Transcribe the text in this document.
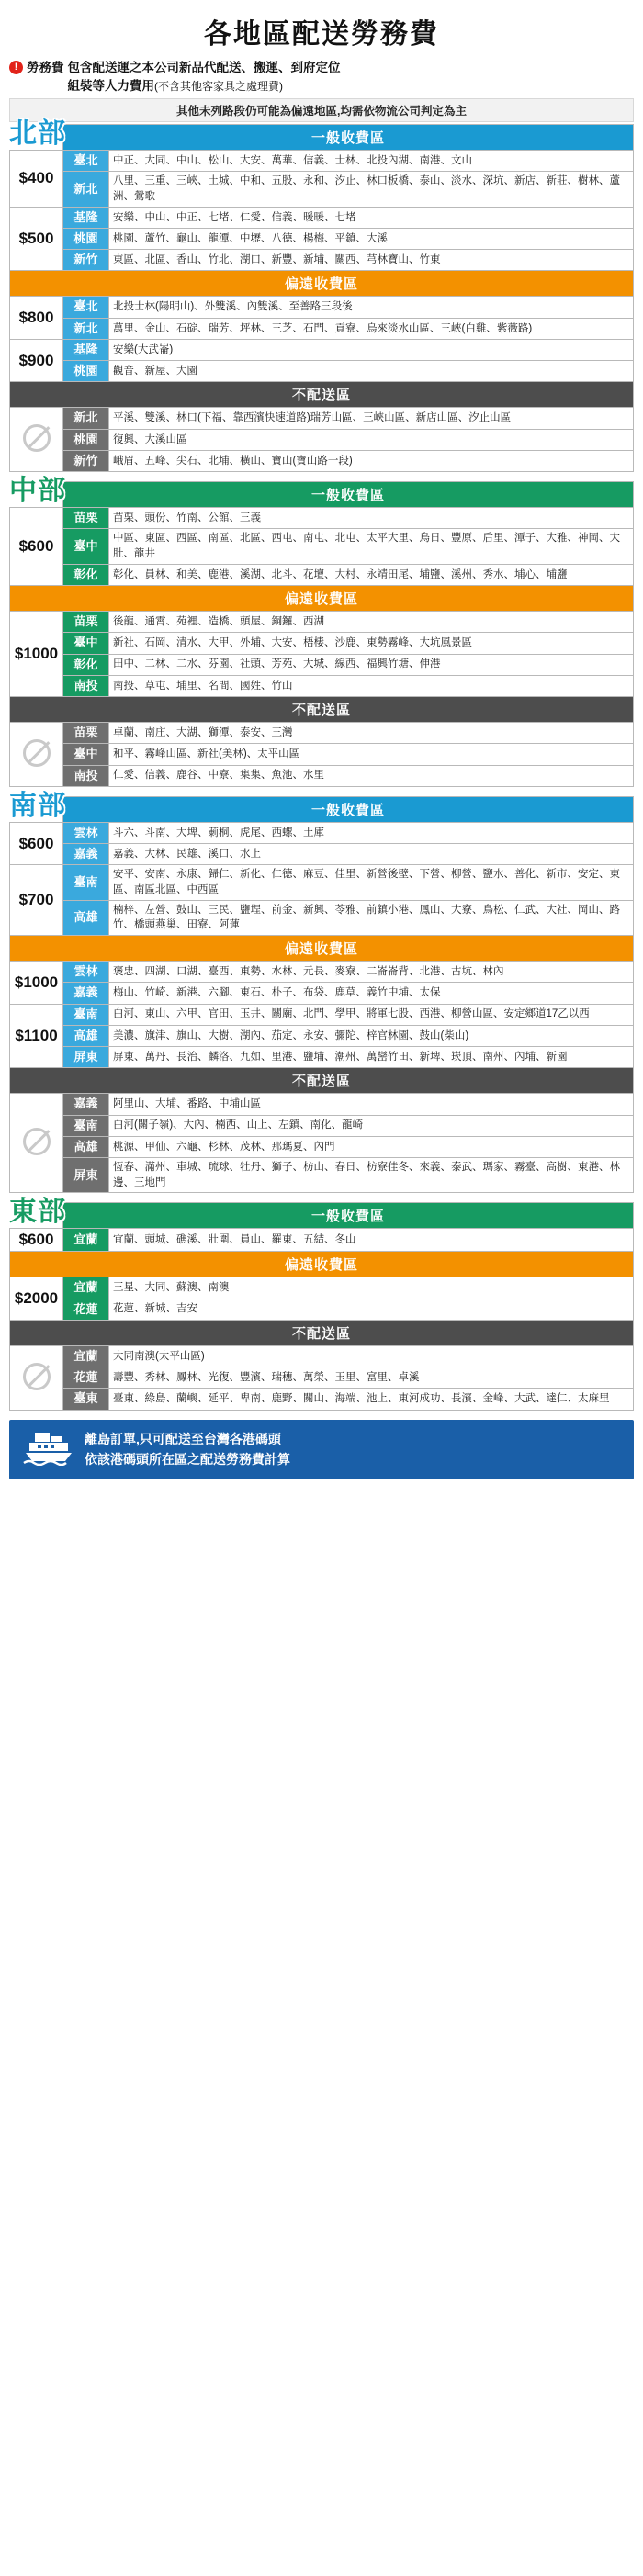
各地區配送勞務費
! 勞務費 包含配送運之本公司新品代配送、搬運、到府定位
組裝等人力費用(不含其他客家具之處理費)
其他未列路段仍可能為偏遠地區,均需依物流公司判定為主
北部
		一般收費區	
$400	臺北	中正、大同、中山、松山、大安、萬華、信義、士林、北投內湖、南港、文山
	新北	八里、三重、三峽、土城、中和、五股、永和、汐止、林口板橋、泰山、淡水、深坑、新店、新莊、樹林、蘆洲、鶯歌
$500	基隆	安樂、中山、中正、七堵、仁愛、信義、暖暖、七堵
	桃園	桃園、蘆竹、龜山、龍潭、中壢、八德、楊梅、平鎮、大溪
	新竹	東區、北區、香山、竹北、湖口、新豐、新埔、關西、芎林寶山、竹東
偏遠收費區		
$800	臺北	北投士林(陽明山)、外雙溪、內雙溪、至善路三段後
	新北	萬里、金山、石碇、瑞芳、坪林、三芝、石門、貢寮、烏來淡水山區、三峽(白雞、紫薇路)
$900	基隆	安樂(大武崙)
	桃園	觀音、新屋、大園
不配送區		
	新北	平溪、雙溪、林口(下福、靠西濱快速道路)瑞芳山區、三峽山區、新店山區、汐止山區
	桃園	復興、大溪山區
	新竹	峨眉、五峰、尖石、北埔、橫山、寶山(寶山路一段)
中部
		一般收費區	
$600	苗栗	苗栗、頭份、竹南、公館、三義
	臺中	中區、東區、西區、南區、北區、西屯、南屯、北屯、太平大里、烏日、豐原、后里、潭子、大雅、神岡、大肚、龍井
	彰化	彰化、員林、和美、鹿港、溪湖、北斗、花壇、大村、永靖田尾、埔鹽、溪州、秀水、埔心、埔鹽
偏遠收費區		
$1000	苗栗	後龍、通霄、苑裡、造橋、頭屋、銅鑼、西湖
	臺中	新社、石岡、清水、大甲、外埔、大安、梧棲、沙鹿、東勢霧峰、大坑風景區
	彰化	田中、二林、二水、芬園、社頭、芳苑、大城、線西、福興竹塘、伸港
	南投	南投、草屯、埔里、名間、國姓、竹山
不配送區		
	苗栗	卓蘭、南庄、大湖、獅潭、泰安、三灣
	臺中	和平、霧峰山區、新社(美林)、太平山區
	南投	仁愛、信義、鹿谷、中寮、集集、魚池、水里
南部
		一般收費區	
$600	雲林	斗六、斗南、大埤、莿桐、虎尾、西螺、土庫
	嘉義	嘉義、大林、民雄、溪口、水上
$700	臺南	安平、安南、永康、歸仁、新化、仁德、麻豆、佳里、新營後壁、下營、柳營、鹽水、善化、新市、安定、東區、南區北區、中西區
	高雄	楠梓、左營、鼓山、三民、鹽埕、前金、新興、苓雅、前鎮小港、鳳山、大寮、鳥松、仁武、大社、岡山、路竹、橋頭燕巢、田寮、阿蓮
偏遠收費區		
$1000	雲林	褒忠、四湖、口湖、臺西、東勢、水林、元長、麥寮、二崙崙背、北港、古坑、林內
	嘉義	梅山、竹崎、新港、六腳、東石、朴子、布袋、鹿草、義竹中埔、太保
$1100	臺南	白河、東山、六甲、官田、玉井、關廟、北門、學甲、將軍七股、西港、柳營山區、安定鄉道17乙以西
	高雄	美濃、旗津、旗山、大樹、湖內、茄定、永安、彌陀、梓官林園、鼓山(柴山)
	屏東	屏東、萬丹、長治、麟洛、九如、里港、鹽埔、潮州、萬巒竹田、新埤、崁頂、南州、內埔、新園
不配送區		
	嘉義	阿里山、大埔、番路、中埔山區
	臺南	白河(關子嶺)、大內、楠西、山上、左鎮、南化、龍崎
	高雄	桃源、甲仙、六龜、杉林、茂林、那瑪夏、內門
	屏東	恆春、滿州、車城、琉球、牡丹、獅子、枋山、春日、枋寮佳冬、來義、泰武、瑪家、霧臺、高樹、東港、林邊、三地門
東部
		一般收費區	
$600	宜蘭	宜蘭、頭城、礁溪、壯圍、員山、羅東、五結、冬山
偏遠收費區		
$2000	宜蘭	三星、大同、蘇澳、南澳
	花蓮	花蓮、新城、吉安
不配送區		
	宜蘭	大同南澳(太平山區)
	花蓮	壽豐、秀林、鳳林、光復、豐濱、瑞穗、萬榮、玉里、富里、卓溪
	臺東	臺東、綠島、蘭嶼、延平、卑南、鹿野、關山、海端、池上、東河成功、長濱、金峰、大武、達仁、太麻里
離島訂單,只可配送至台灣各港碼頭
依該港碼頭所在區之配送勞務費計算
